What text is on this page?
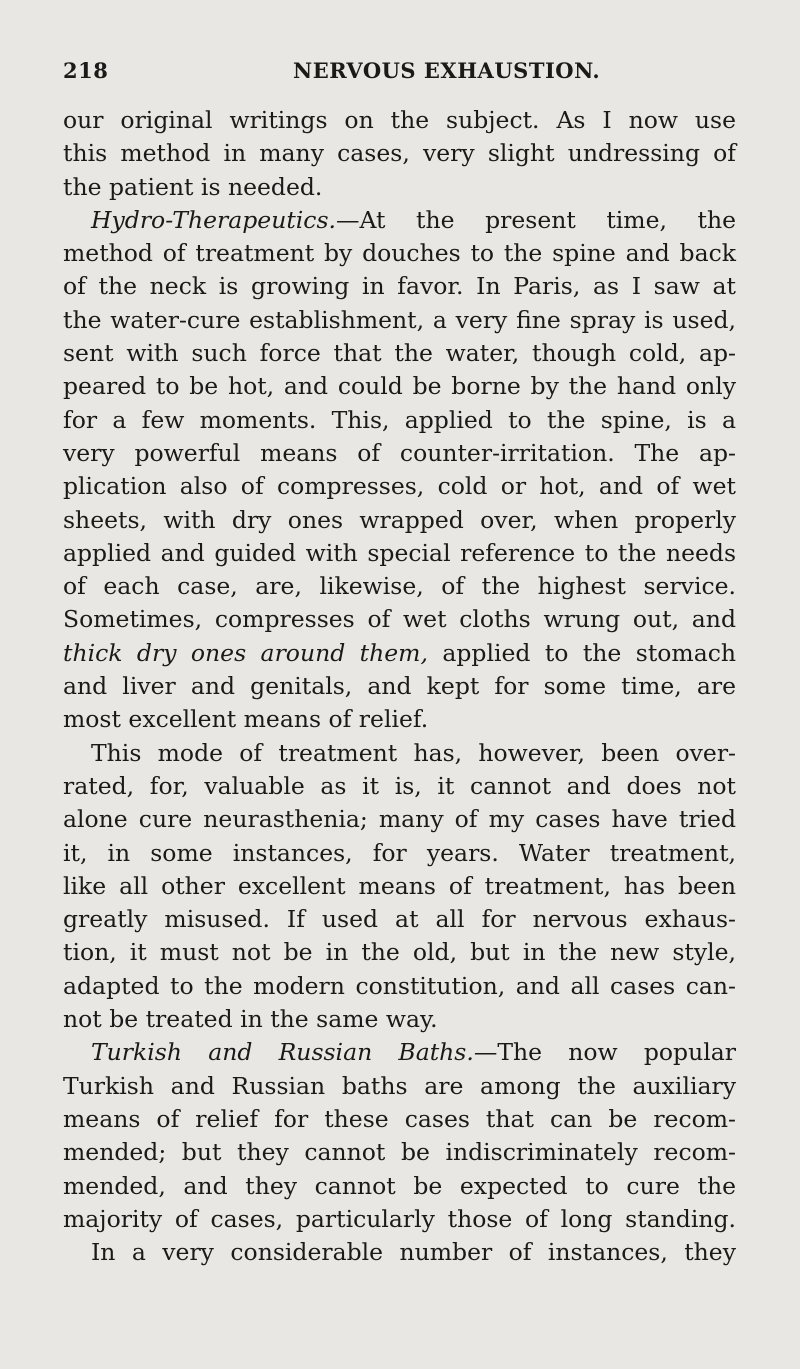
218	NERVOUS EXHAUSTION.
our original writings on the subject. As I now use
this method in many cases, very slight undressing of
the patient is needed.
Hydro-Therapeutics.—At the present time, the
method of treatment by douches to the spine and back
of the neck is growing in favor. In Paris, as I saw at
the water-cure establishment, a very fine spray is used,
sent with such force that the water, though cold, ap-
peared to be hot, and could be borne by the hand only
for a few moments. This, applied to the spine, is a
very powerful means of counter-irritation. The ap-
plication also of compresses, cold or hot, and of wet
sheets, with dry ones wrapped over, when properly
applied and guided with special reference to the needs
of each case, are, likewise, of the highest service.
Sometimes, compresses of wet cloths wrung out, and
thick dry ones around them, applied to the stomach
and liver and genitals, and kept for some time, are
most excellent means of relief.
This mode of treatment has, however, been over-
rated, for, valuable as it is, it cannot and does not
alone cure neurasthenia; many of my cases have tried
it, in some instances, for years. Water treatment,
like all other excellent means of treatment, has been
greatly misused. If used at all for nervous exhaus-
tion, it must not be in the old, but in the new style,
adapted to the modern constitution, and all cases can-
not be treated in the same way.
Turkish and Russian Baths.—The now popular
Turkish and Russian baths are among the auxiliary
means of relief for these cases that can be recom-
mended; but they cannot be indiscriminately recom-
mended, and they cannot be expected to cure the
majority of cases, particularly those of long standing.
In a very considerable number of instances, they
